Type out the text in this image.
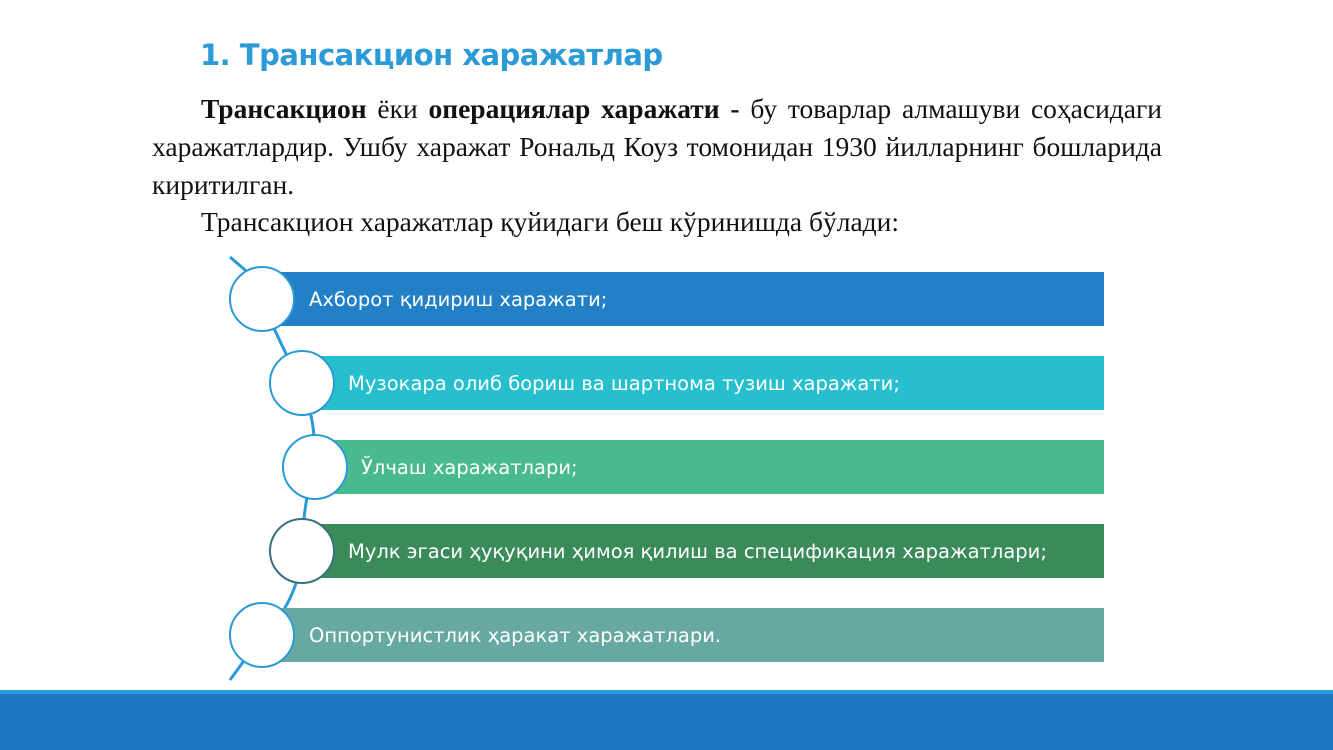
1. Трансакцион харажатлар
Трансакцион ёки операциялар харажати - бу товарлар алмашуви соҳасидаги харажатлардир. Ушбу харажат Рональд Коуз томонидан 1930 йилларнинг бошларида киритилган.
Трансакцион харажатлар қуйидаги беш кўринишда бўлади:
Ахборот қидириш харажати;
Музокара олиб бориш ва шартнома тузиш харажати;
Ўлчаш харажатлари;
Мулк эгаси ҳуқуқини ҳимоя қилиш ва спецификация харажатлари;
Оппортунистлик ҳаракат харажатлари.
